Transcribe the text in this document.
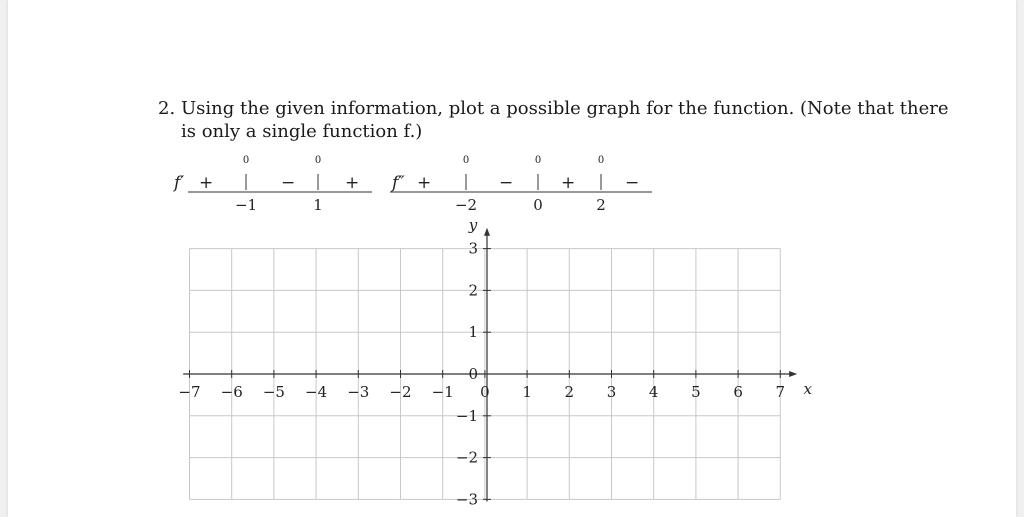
2. Using the given information, plot a possible graph for the function. (Note that there
is only a single function f.)
f′ +	−	+
0	0
−1	1
f″ +	−	+	−
0	0	0
−2	0	2
x
y
−7 −6 −5 −4 −3 −2 −1 0 1 2 3 4 5 6 7
3
2
1
0
−1
−2
−3
